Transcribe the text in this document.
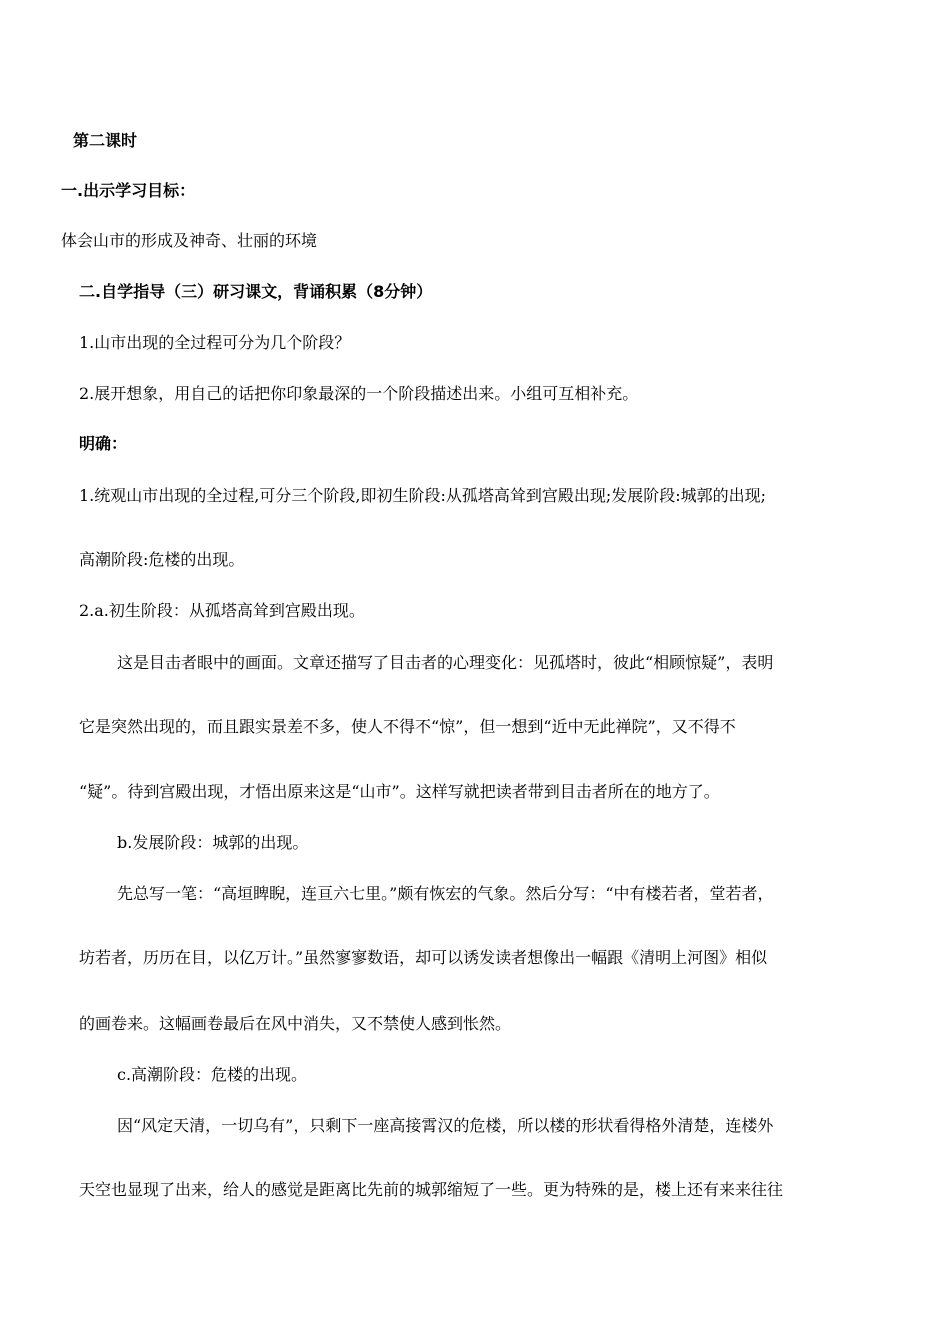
第二课时
一.出示学习目标：
体会山市的形成及神奇、壮丽的环境
二.自学指导（三）研习课文，背诵积累（8分钟）
1.山市出现的全过程可分为几个阶段？
2.展开想象，用自己的话把你印象最深的一个阶段描述出来。小组可互相补充。
明确：
1.统观山市出现的全过程,可分三个阶段,即初生阶段:从孤塔高耸到宫殿出现;发展阶段:城郭的出现;
高潮阶段:危楼的出现。
2.a.初生阶段：从孤塔高耸到宫殿出现。
这是目击者眼中的画面。文章还描写了目击者的心理变化：见孤塔时，彼此“相顾惊疑”，表明
它是突然出现的，而且跟实景差不多，使人不得不“惊”，但一想到“近中无此禅院”，又不得不
“疑”。待到宫殿出现，才悟出原来这是“山市”。这样写就把读者带到目击者所在的地方了。
b.发展阶段：城郭的出现。
先总写一笔：“高垣睥睨，连亘六七里。”颇有恢宏的气象。然后分写：“中有楼若者，堂若者，
坊若者，历历在目，以亿万计。”虽然寥寥数语，却可以诱发读者想像出一幅跟《清明上河图》相似
的画卷来。这幅画卷最后在风中消失，又不禁使人感到怅然。
c.高潮阶段：危楼的出现。
因“风定天清，一切乌有”，只剩下一座高接霄汉的危楼，所以楼的形状看得格外清楚，连楼外
天空也显现了出来，给人的感觉是距离比先前的城郭缩短了一些。更为特殊的是，楼上还有来来往往
